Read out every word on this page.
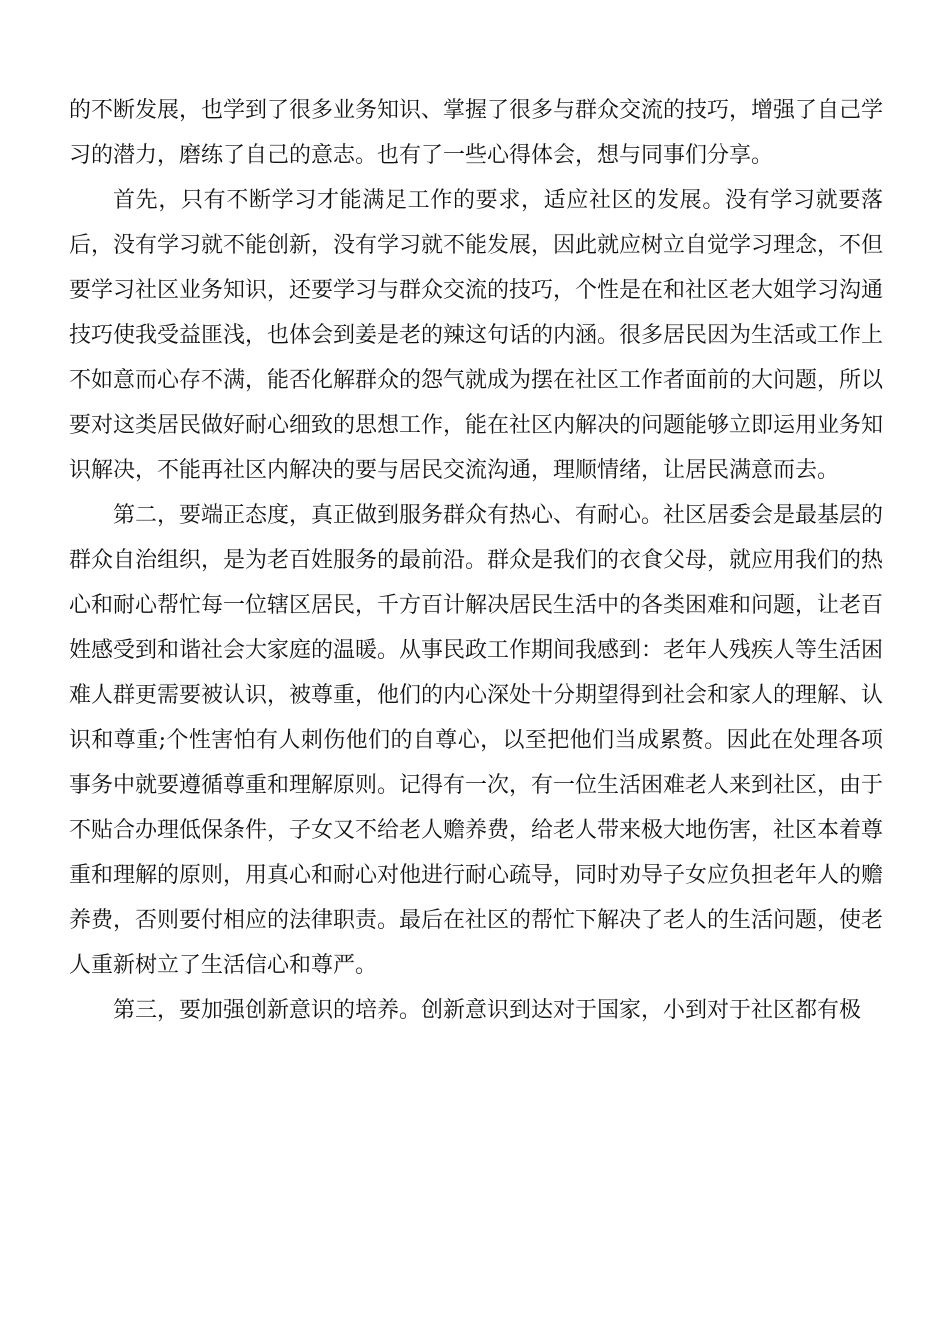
的不断发展，也学到了很多业务知识、掌握了很多与群众交流的技巧，增强了自己学习的潜力，磨练了自己的意志。也有了一些心得体会，想与同事们分享。

首先，只有不断学习才能满足工作的要求，适应社区的发展。没有学习就要落后，没有学习就不能创新，没有学习就不能发展，因此就应树立自觉学习理念，不但要学习社区业务知识，还要学习与群众交流的技巧，个性是在和社区老大姐学习沟通技巧使我受益匪浅，也体会到姜是老的辣这句话的内涵。很多居民因为生活或工作上不如意而心存不满，能否化解群众的怨气就成为摆在社区工作者面前的大问题，所以要对这类居民做好耐心细致的思想工作，能在社区内解决的问题能够立即运用业务知识解决，不能再社区内解决的要与居民交流沟通，理顺情绪，让居民满意而去。

第二，要端正态度，真正做到服务群众有热心、有耐心。社区居委会是最基层的群众自治组织，是为老百姓服务的最前沿。群众是我们的衣食父母，就应用我们的热心和耐心帮忙每一位辖区居民，千方百计解决居民生活中的各类困难和问题，让老百姓感受到和谐社会大家庭的温暖。从事民政工作期间我感到：老年人残疾人等生活困难人群更需要被认识，被尊重，他们的内心深处十分期望得到社会和家人的理解、认识和尊重;个性害怕有人刺伤他们的自尊心，以至把他们当成累赘。因此在处理各项事务中就要遵循尊重和理解原则。记得有一次，有一位生活困难老人来到社区，由于不贴合办理低保条件，子女又不给老人赡养费，给老人带来极大地伤害，社区本着尊重和理解的原则，用真心和耐心对他进行耐心疏导，同时劝导子女应负担老年人的赡养费，否则要付相应的法律职责。最后在社区的帮忙下解决了老人的生活问题，使老人重新树立了生活信心和尊严。

第三，要加强创新意识的培养。创新意识到达对于国家，小到对于社区都有极
